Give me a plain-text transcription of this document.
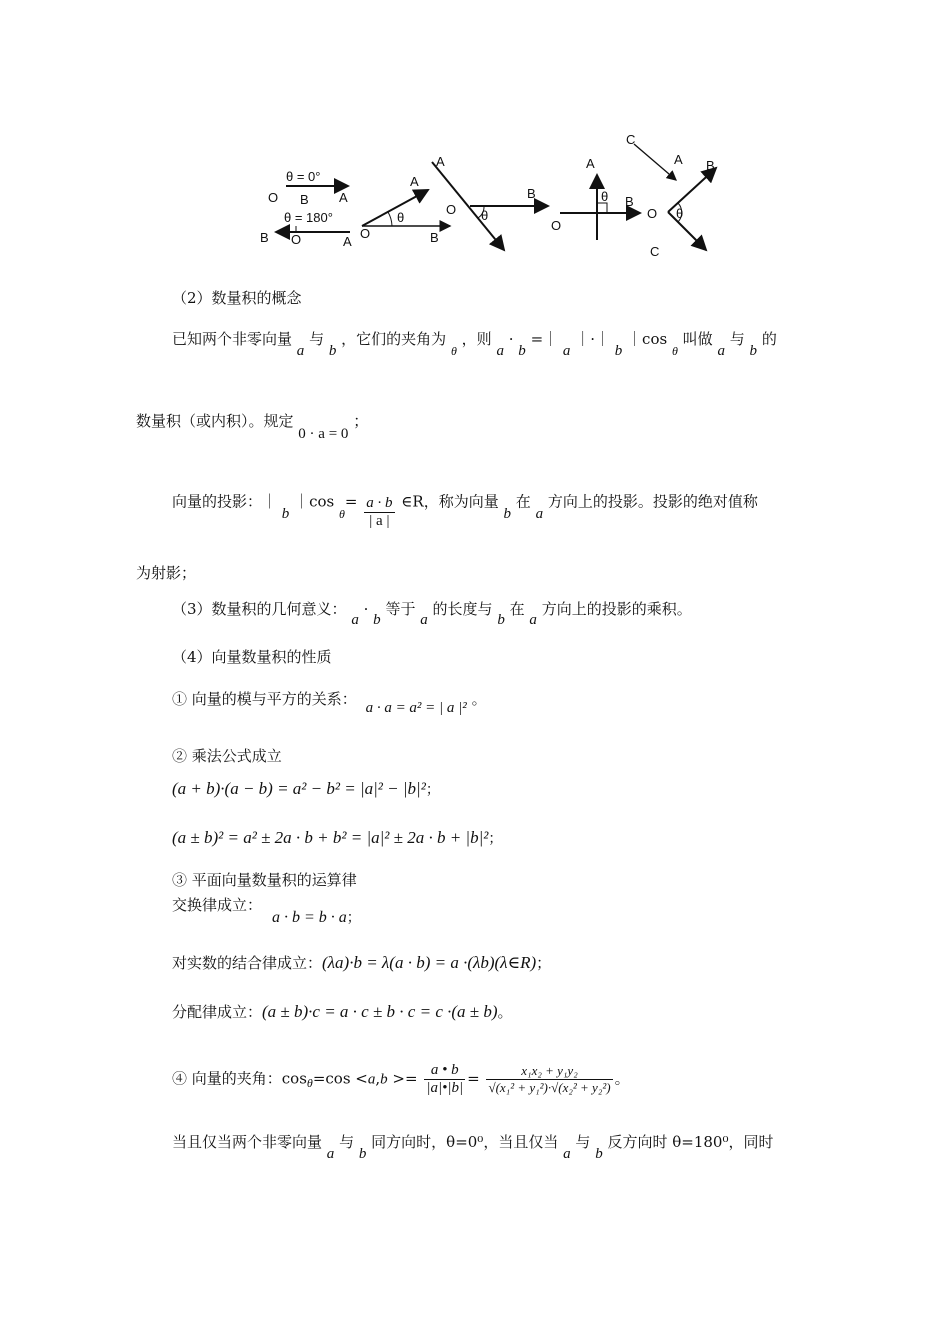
θ = 0°
O B A
θ = 180°
B O	A
A
O
θ
B
A
O θ
B
A
O
θ B
C
A B
O θ
C
（2）数量积的概念
已知两个非零向量 a 与 b ，它们的夹角为 $_\theta$ ，则 a · b =｜ a ｜·｜ b ｜cos $_\theta$ 叫做 a 与 b 的
数量积（或内积）。规定 0 · a = 0 ；
向量的投影：｜ b ｜cos $_\theta= \frac{a \cdot b}{| a |}$ ∈R，称为向量 b 在 a 方向上的投影。投影的绝对值称
为射影；
（3）数量积的几何意义： a · b 等于 a 的长度与 b 在 a 方向上的投影的乘积。
（4）向量数量积的性质
① 向量的模与平方的关系： a · a = a² = | a |² 。
② 乘法公式成立
(a + b)·(a − b) = a² − b² = |a|² − |b|²；
(a ± b)² = a² ± 2a · b + b² = |a|² ± 2a · b + |b|²；
③ 平面向量数量积的运算律
交换律成立：
a · b = b · a；
对实数的结合律成立：(λa)·b = λ(a · b) = a ·(λb)(λ∈R)；
分配律成立：(a ± b)·c = a · c ± b · c = c ·(a ± b)。
④ 向量的夹角：$\cos_\theta=\cos <a,b >= \frac{a • b}{|a|•|b|} = \frac{\text{x₁x₂ + y₁y₂}}{\text{√(x₁² + y₁²)·√(x₂² + y₂²)}}$ 。
当且仅当两个非零向量 a 与 b 同方向时，θ=0⁰，当且仅当 a 与 b 反方向时 θ=180⁰，同时
